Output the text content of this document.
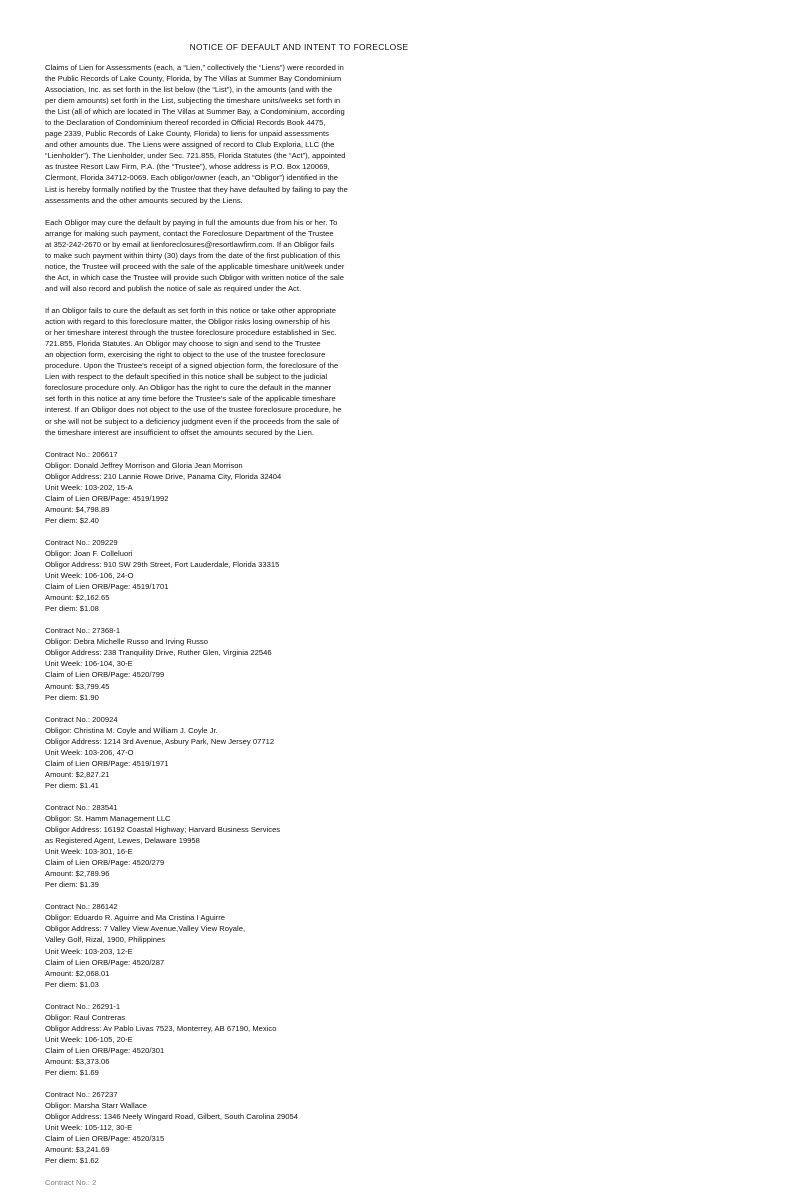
NOTICE OF DEFAULT AND INTENT TO FORECLOSE
Claims of Lien for Assessments (each, a “Lien,” collectively the “Liens”) were recorded in
the Public Records of Lake County, Florida, by The Villas at Summer Bay Condominium
Association, Inc. as set forth in the list below (the “List”), in the amounts (and with the
per diem amounts) set forth in the List, subjecting the timeshare units/weeks set forth in
the List (all of which are located in The Villas at Summer Bay, a Condominium, according
to the Declaration of Condominium thereof recorded in Official Records Book 4475,
page 2339, Public Records of Lake County, Florida) to liens for unpaid assessments
and other amounts due. The Liens were assigned of record to Club Exploria, LLC (the
“Lienholder”). The Lienholder, under Sec. 721.855, Florida Statutes (the “Act”), appointed
as trustee Resort Law Firm, P.A. (the “Trustee”), whose address is P.O. Box 120069,
Clermont, Florida 34712-0069. Each obligor/owner (each, an “Obligor”) identified in the
List is hereby formally notified by the Trustee that they have defaulted by failing to pay the
assessments and the other amounts secured by the Liens.
Each Obligor may cure the default by paying in full the amounts due from his or her. To
arrange for making such payment, contact the Foreclosure Department of the Trustee
at 352-242-2670 or by email at lienforeclosures@resortlawfirm.com. If an Obligor fails
to make such payment within thirty (30) days from the date of the first publication of this
notice, the Trustee will proceed with the sale of the applicable timeshare unit/week under
the Act, in which case the Trustee will provide such Obligor with written notice of the sale
and will also record and publish the notice of sale as required under the Act.
If an Obligor fails to cure the default as set forth in this notice or take other appropriate
action with regard to this foreclosure matter, the Obligor risks losing ownership of his
or her timeshare interest through the trustee foreclosure procedure established in Sec.
721.855, Florida Statutes. An Obligor may choose to sign and send to the Trustee
an objection form, exercising the right to object to the use of the trustee foreclosure
procedure. Upon the Trustee's receipt of a signed objection form, the foreclosure of the
Lien with respect to the default specified in this notice shall be subject to the judicial
foreclosure procedure only. An Obligor has the right to cure the default in the manner
set forth in this notice at any time before the Trustee's sale of the applicable timeshare
interest. If an Obligor does not object to the use of the trustee foreclosure procedure, he
or she will not be subject to a deficiency judgment even if the proceeds from the sale of
the timeshare interest are insufficient to offset the amounts secured by the Lien.
Contract No.: 206617
Obligor: Donald Jeffrey Morrison and Gloria Jean Morrison
Obligor Address: 210 Lannie Rowe Drive, Panama City, Florida 32404
Unit Week: 103-202, 15-A
Claim of Lien ORB/Page: 4519/1992
Amount: $4,798.89
Per diem: $2.40
Contract No.: 209229
Obligor: Joan F. Colleluori
Obligor Address: 910 SW 29th Street, Fort Lauderdale, Florida 33315
Unit Week: 106-106, 24-O
Claim of Lien ORB/Page: 4519/1701
Amount: $2,162.65
Per diem: $1.08
Contract No.: 27368-1
Obligor: Debra Michelle Russo and Irving Russo
Obligor Address: 238 Tranquility Drive, Ruther Glen, Virginia 22546
Unit Week: 106-104, 30-E
Claim of Lien ORB/Page: 4520/799
Amount: $3,799.45
Per diem: $1.90
Contract No.: 200924
Obligor: Christina M. Coyle and William J. Coyle Jr.
Obligor Address: 1214 3rd Avenue, Asbury Park, New Jersey 07712
Unit Week: 103-206, 47-O
Claim of Lien ORB/Page: 4519/1971
Amount: $2,827.21
Per diem: $1.41
Contract No.: 283541
Obligor: St. Hamm Management LLC
Obligor Address: 16192 Coastal Highway; Harvard Business Services
as Registered Agent, Lewes, Delaware 19958
Unit Week: 103-301, 16-E
Claim of Lien ORB/Page: 4520/279
Amount: $2,789.96
Per diem: $1.39
Contract No.: 286142
Obligor: Eduardo R. Aguirre and Ma Cristina I Aguirre
Obligor Address: 7 Valley View Avenue,Valley View Royale,
Valley Golf, Rizal, 1900, Philippines
Unit Week: 103-203, 12-E
Claim of Lien ORB/Page: 4520/287
Amount: $2,068.01
Per diem: $1.03
Contract No.: 26291-1
Obligor: Raul Contreras
Obligor Address: Av Pablo Livas 7523, Monterrey, AB 67190, Mexico
Unit Week: 106-105, 20-E
Claim of Lien ORB/Page: 4520/301
Amount: $3,373.06
Per diem: $1.69
Contract No.: 267237
Obligor: Marsha Starr Wallace
Obligor Address: 1346 Neely Wingard Road, Gilbert, South Carolina 29054
Unit Week: 105-112, 30-E
Claim of Lien ORB/Page: 4520/315
Amount: $3,241.69
Per diem: $1.62
Contract No.: 2
